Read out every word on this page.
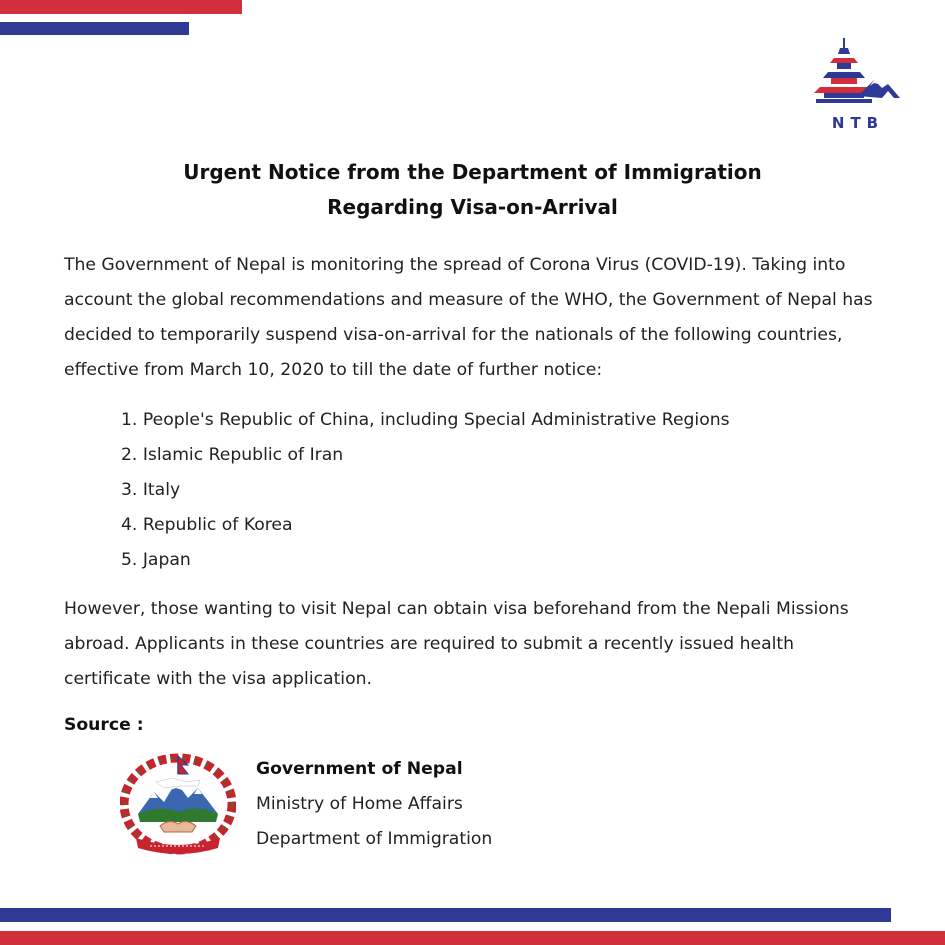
NTB
Urgent Notice from the Department of Immigration
Regarding Visa-on-Arrival
The Government of Nepal is monitoring the spread of Corona Virus (COVID-19). Taking into account the global recommendations and measure of the WHO, the Government of Nepal has decided to temporarily suspend visa-on-arrival for the nationals of the following countries, effective from March 10, 2020 to till the date of further notice:
1. People's Republic of China, including Special Administrative Regions
2. Islamic Republic of Iran
3. Italy
4. Republic of Korea
5. Japan
However, those wanting to visit Nepal can obtain visa beforehand from the Nepali Missions abroad. Applicants in these countries are required to submit a recently issued health certificate with the visa application.
Source :
Government of Nepal
Ministry of Home Affairs
Department of Immigration
